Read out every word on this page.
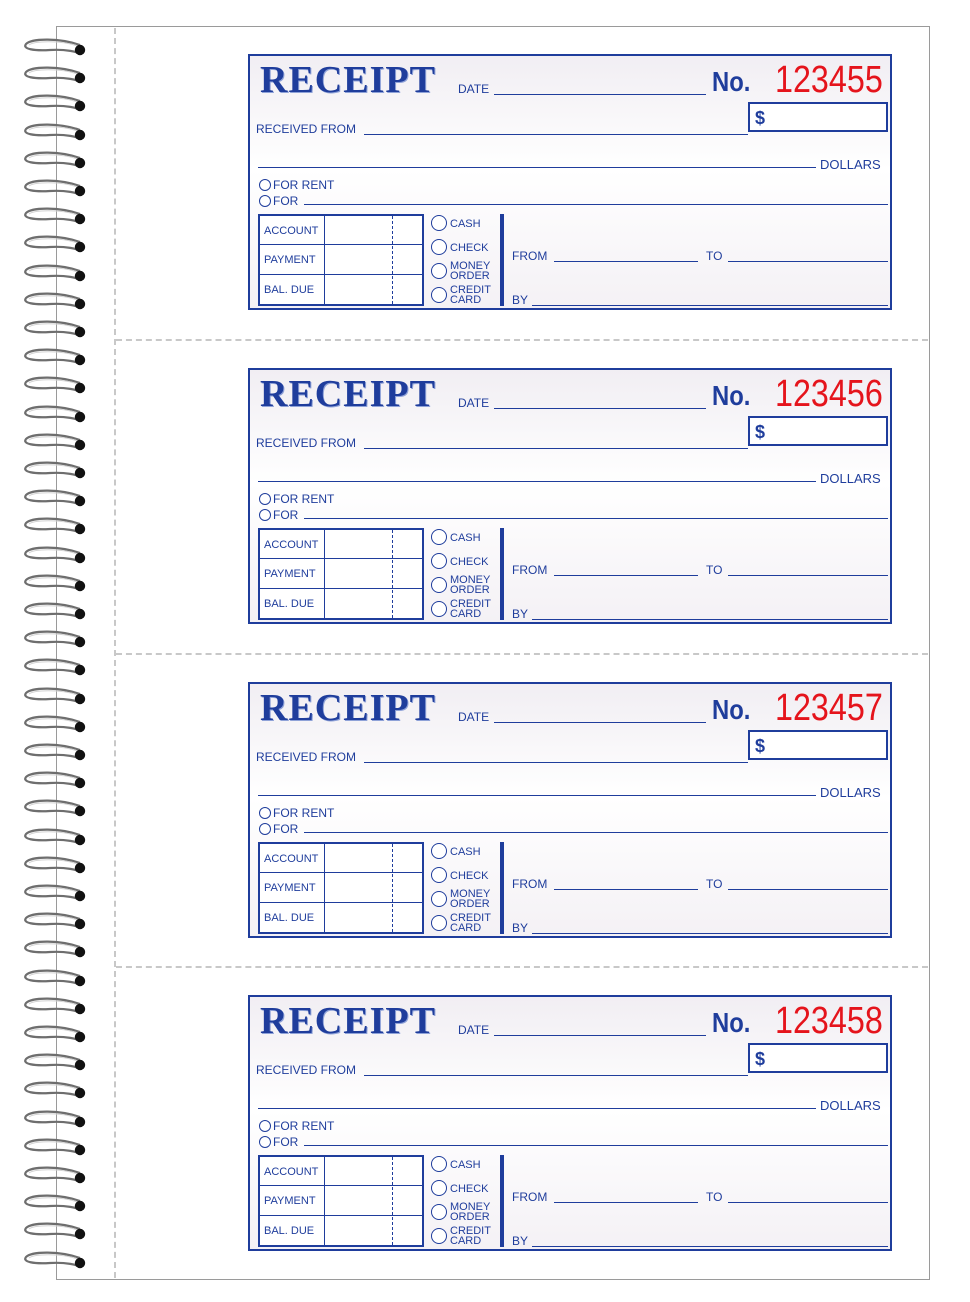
RECEIPT DATE	No. 123455
$
RECEIVED FROM
DOLLARS
FOR RENT
FOR
ACCOUNT
PAYMENT
BAL. DUE
CASH
CHECK
MONEY
ORDER
CREDIT
CARD
FROM	TO
BY
RECEIPT DATE	No. 123456
$
RECEIVED FROM
DOLLARS
FOR RENT
FOR
ACCOUNT
PAYMENT
BAL. DUE
CASH
CHECK
MONEY
ORDER
CREDIT
CARD
FROM	TO
BY
RECEIPT DATE	No. 123457
$
RECEIVED FROM
DOLLARS
FOR RENT
FOR
ACCOUNT
PAYMENT
BAL. DUE
CASH
CHECK
MONEY
ORDER
CREDIT
CARD
FROM	TO
BY
RECEIPT DATE	No. 123458
$
RECEIVED FROM
DOLLARS
FOR RENT
FOR
ACCOUNT
PAYMENT
BAL. DUE
CASH
CHECK
MONEY
ORDER
CREDIT
CARD
FROM	TO
BY
